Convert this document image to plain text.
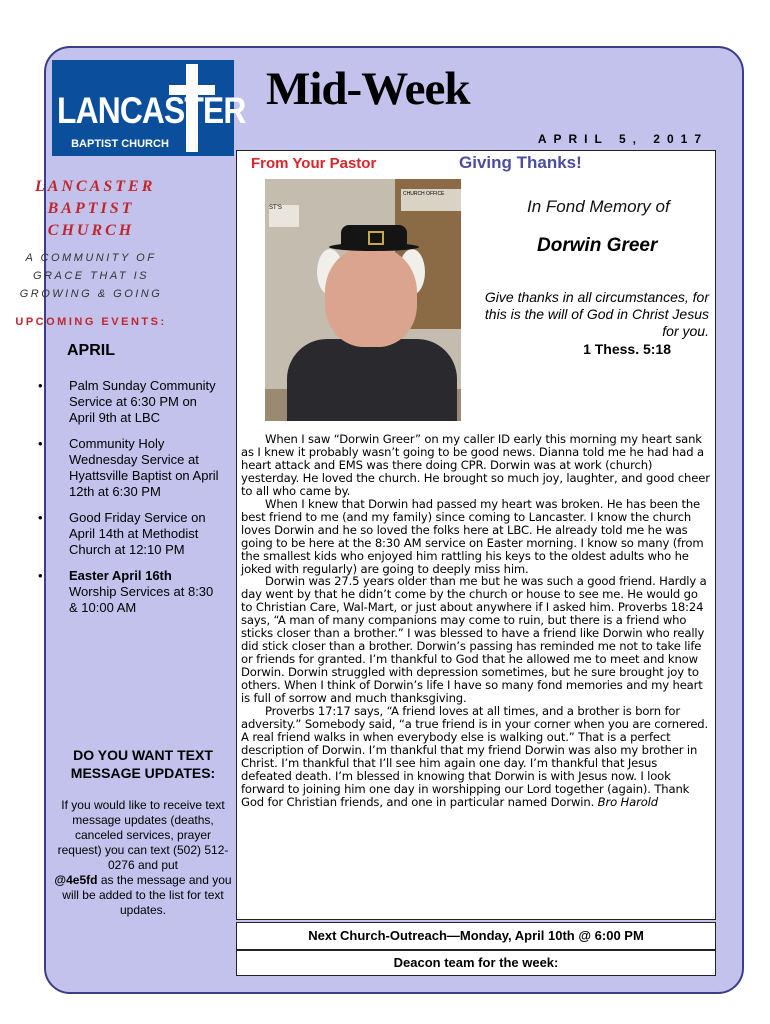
LANCASTER
BAPTIST CHURCH
Mid-Week
APRIL 5, 2017
LANCASTER BAPTIST CHURCH
A COMMUNITY OF GRACE THAT IS GROWING & GOING
UPCOMING EVENTS:
APRIL
• Palm Sunday Community Service at 6:30 PM on April 9th at LBC
• Community Holy Wednesday Service at Hyattsville Baptist on April 12th at 6:30 PM
• Good Friday Service on April 14th at Methodist Church at 12:10 PM
• Easter April 16th
Worship Services at 8:30 & 10:00 AM
DO YOU WANT TEXT MESSAGE UPDATES:
If you would like to receive text message updates (deaths, canceled services, prayer request) you can text (502) 512-0276 and put
@4e5fd as the message and you will be added to the list for text updates.
From Your Pastor	Giving Thanks!
CHURCH OFFICE
ST'S	In Fond Memory of
Dorwin Greer
Give thanks in all circumstances, for this is the will of God in Christ Jesus for you.
1 Thess. 5:18

When I saw “Dorwin Greer” on my caller ID early this morning my heart sank as I knew it probably wasn’t going to be good news. Dianna told me he had had a heart attack and EMS was there doing CPR. Dorwin was at work (church) yesterday. He loved the church. He brought so much joy, laughter, and good cheer to all who came by.

When I knew that Dorwin had passed my heart was broken. He has been the best friend to me (and my family) since coming to Lancaster. I know the church loves Dorwin and he so loved the folks here at LBC. He already told me he was going to be here at the 8:30 AM service on Easter morning. I know so many (from the smallest kids who enjoyed him rattling his keys to the oldest adults who he joked with regularly) are going to deeply miss him.

Dorwin was 27.5 years older than me but he was such a good friend. Hardly a day went by that he didn’t come by the church or house to see me. He would go to Christian Care, Wal-Mart, or just about anywhere if I asked him. Proverbs 18:24 says, “A man of many companions may come to ruin, but there is a friend who sticks closer than a brother.” I was blessed to have a friend like Dorwin who really did stick closer than a brother. Dorwin’s passing has reminded me not to take life or friends for granted. I’m thankful to God that he allowed me to meet and know Dorwin. Dorwin struggled with depression sometimes, but he sure brought joy to others. When I think of Dorwin’s life I have so many fond memories and my heart is full of sorrow and much thanksgiving.

Proverbs 17:17 says, “A friend loves at all times, and a brother is born for adversity.” Somebody said, “a true friend is in your corner when you are cornered. A real friend walks in when everybody else is walking out.” That is a perfect description of Dorwin. I’m thankful that my friend Dorwin was also my brother in Christ. I’m thankful that I’ll see him again one day. I’m thankful that Jesus defeated death. I’m blessed in knowing that Dorwin is with Jesus now. I look forward to joining him one day in worshipping our Lord together (again). Thank God for Christian friends, and one in particular named Dorwin. Bro Harold

Next Church-Outreach—Monday, April 10th @ 6:00 PM
Deacon team for the week:
